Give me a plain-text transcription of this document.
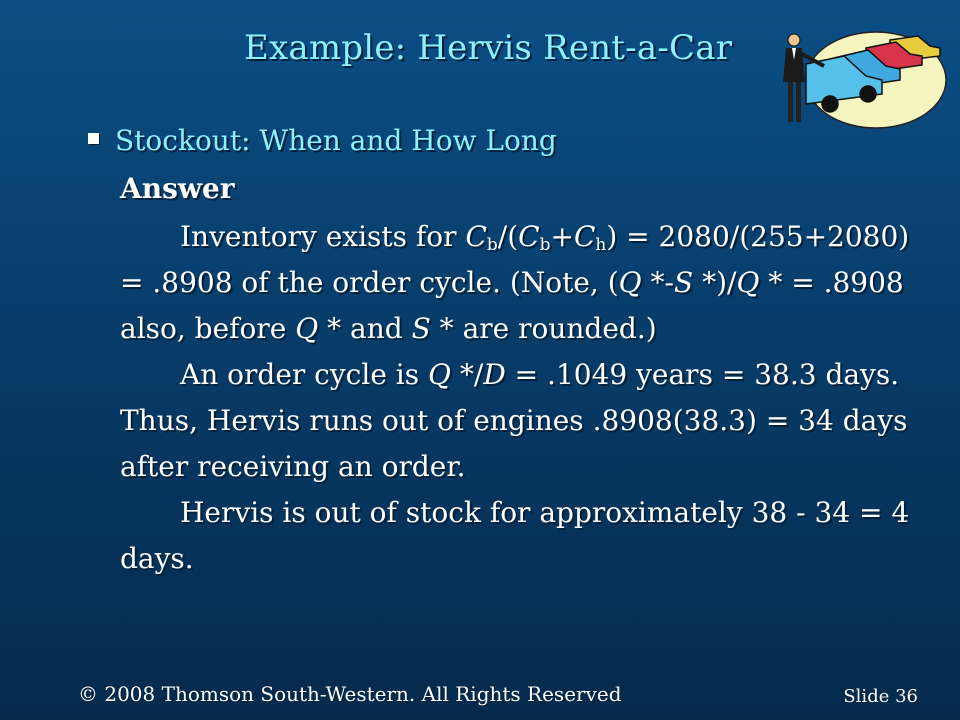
Example: Hervis Rent-a-Car
Stockout: When and How Long
Answer
Inventory exists for $C_b/(C_b+C_h) = 2080/(255+2080)$
= .8908 of the order cycle. (Note, (Q *-S *)/Q * = .8908
also, before Q * and S * are rounded.)
An order cycle is Q */D = .1049 years = 38.3 days.
Thus, Hervis runs out of engines .8908(38.3) = 34 days
after receiving an order.
Hervis is out of stock for approximately 38 - 34 = 4
days.
© 2008 Thomson South-Western. All Rights Reserved	Slide 36
